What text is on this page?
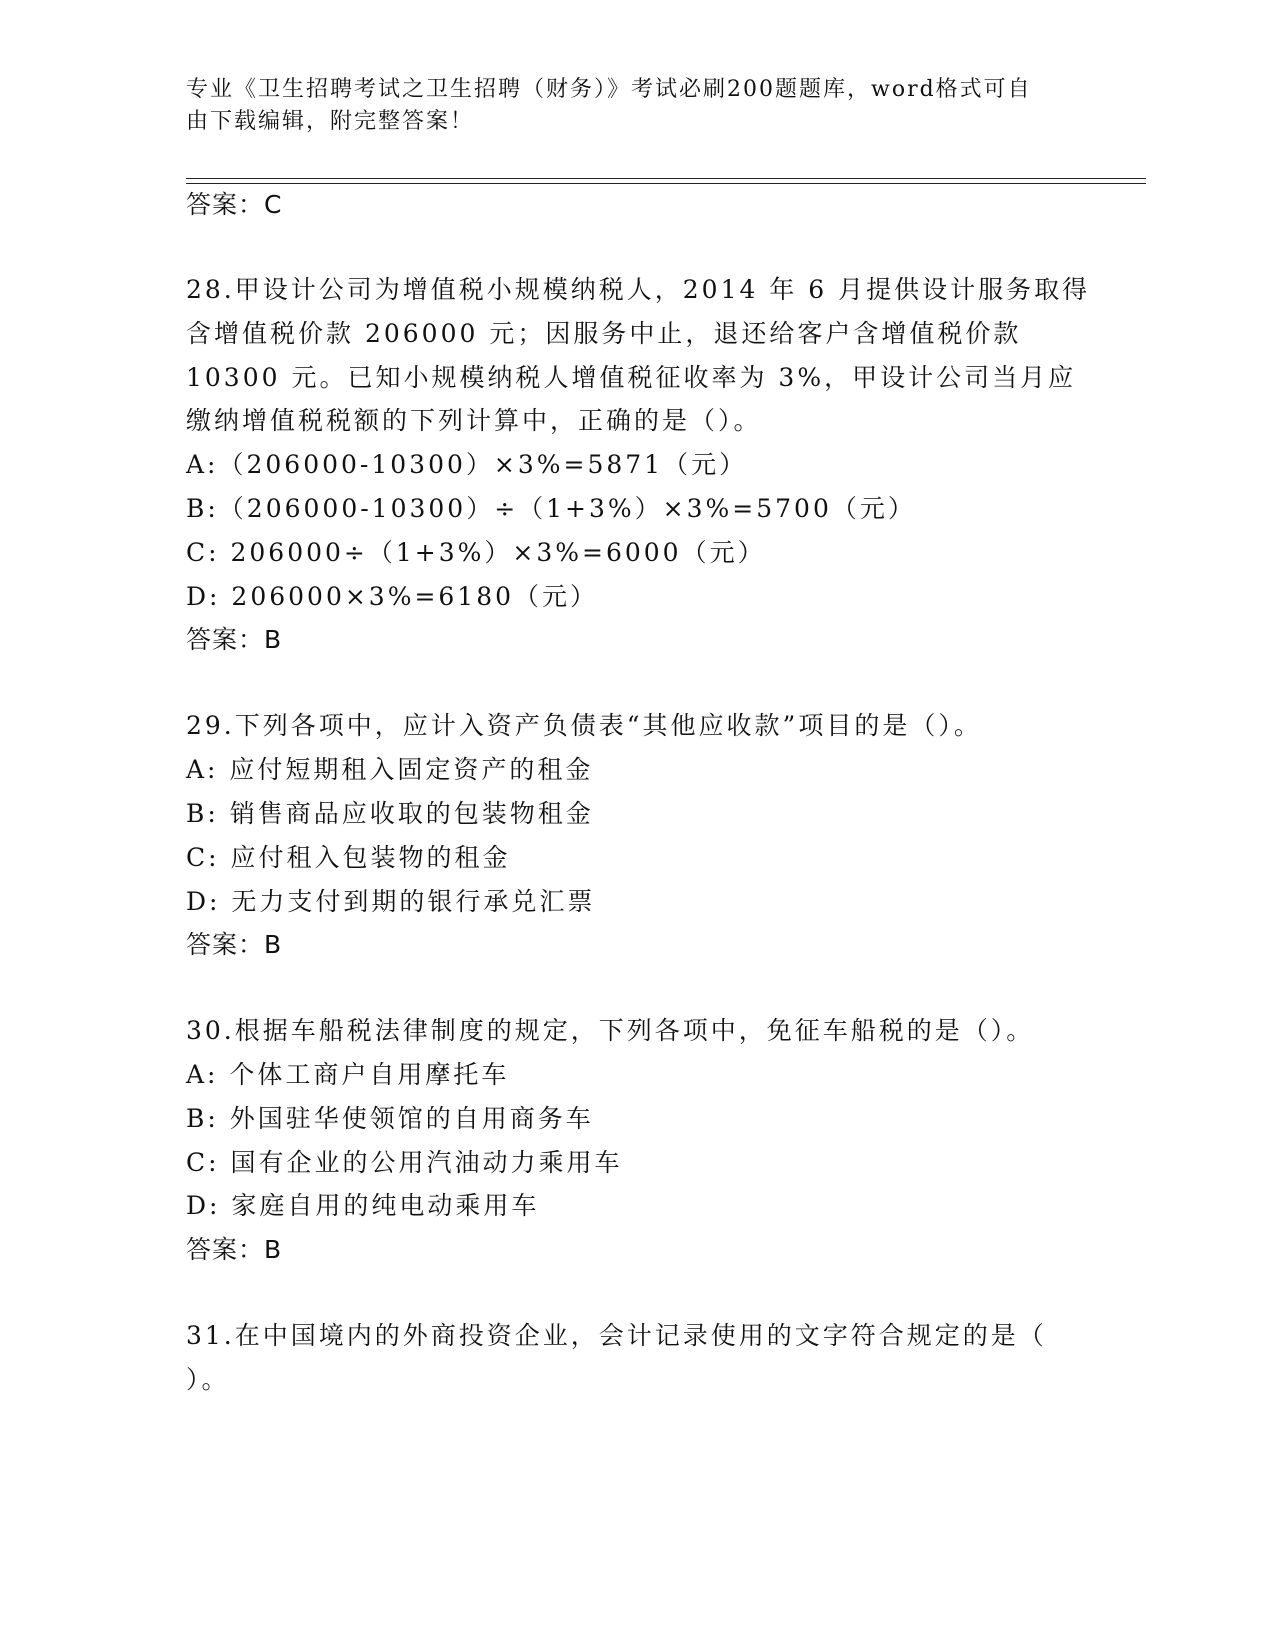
专业《卫生招聘考试之卫生招聘（财务）》考试必刷200题题库，word格式可自
由下载编辑，附完整答案！
答案：C
28.甲设计公司为增值税小规模纳税人，2014 年 6 月提供设计服务取得
含增值税价款 206000 元；因服务中止，退还给客户含增值税价款
10300 元。已知小规模纳税人增值税征收率为 3%，甲设计公司当月应
缴纳增值税税额的下列计算中，正确的是（）。
A:（206000-10300）×3%=5871（元）
B:（206000-10300）÷（1+3%）×3%=5700（元）
C: 206000÷（1+3%）×3%=6000（元）
D: 206000×3%=6180（元）
答案：B
29.下列各项中，应计入资产负债表“其他应收款”项目的是（）。
A: 应付短期租入固定资产的租金
B: 销售商品应收取的包装物租金
C: 应付租入包装物的租金
D: 无力支付到期的银行承兑汇票
答案：B
30.根据车船税法律制度的规定，下列各项中，免征车船税的是（）。
A: 个体工商户自用摩托车
B: 外国驻华使领馆的自用商务车
C: 国有企业的公用汽油动力乘用车
D: 家庭自用的纯电动乘用车
答案：B
31.在中国境内的外商投资企业，会计记录使用的文字符合规定的是（
）。
